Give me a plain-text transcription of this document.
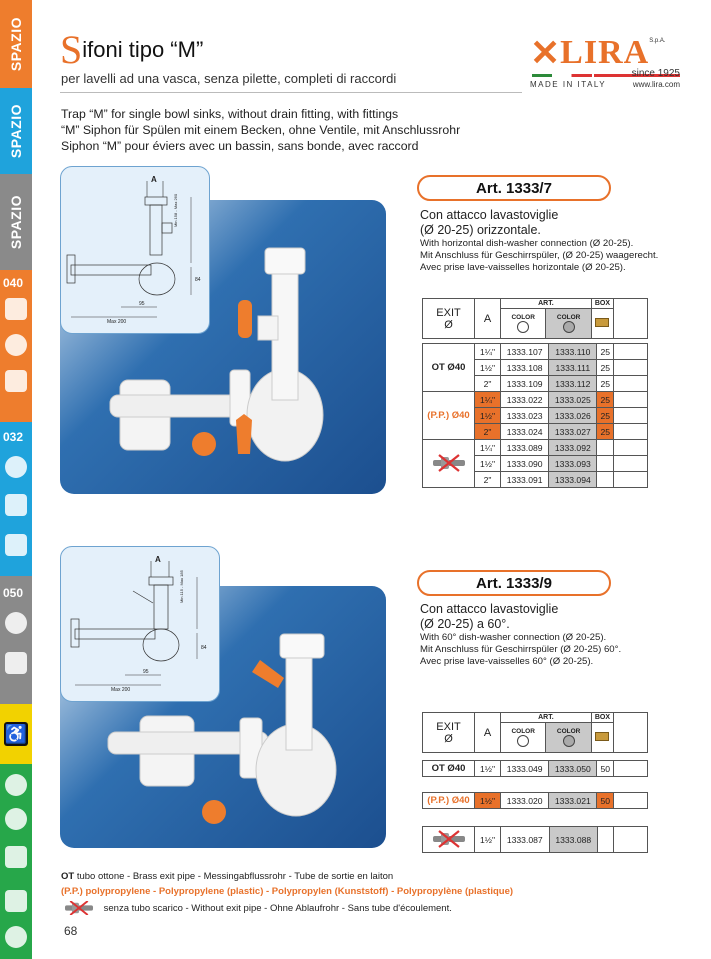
SPAZIO
SPAZIO
SPAZIO
040
032
050
♿
Sifoni tipo “M”
per lavelli ad una vasca, senza pilette, completi di raccordi
✕ LIRA S.p.A.
since 1925
MADE IN ITALY	www.lira.com
Trap “M” for single bowl sinks, without drain fitting, with fittings
“M” Siphon für Spülen mit einem Becken, ohne Ventile, mit Anschlussrohr
Siphon “M” pour éviers avec un bassin, sans bonde, avec raccord
A
Min 158 - Max 260
84
95
Max 200
Art. 1333/7
Con attacco lavastoviglie
(Ø 20-25) orizzontale.
With horizontal dish-washer connection (Ø 20-25).
Mit Anschluss für Geschirrspüler, (Ø 20-25) waagerecht.
Avec prise lave-vaisselles horizontale (Ø 20-25).
EXIT
Ø	A	ART.		BOX	

		COLOR	COLOR		

OT Ø40	1¼"	1333.107	1333.110	25	
	1½"	1333.108	1333.111	25	
	2"	1333.109	1333.112	25	
(P.P.) Ø40	1¼"	1333.022	1333.025	25	
	1½"	1333.023	1333.026	25	
	2"	1333.024	1333.027	25	
	1¼"	1333.089	1333.092		
	1½"	1333.090	1333.093		
	2"	1333.091	1333.094		
A
Min 115 - Max 185
84
95
Max 200
Art. 1333/9
Con attacco lavastoviglie
(Ø 20-25) a 60°.
With 60° dish-washer connection (Ø 20-25).
Mit Anschluss für Geschirrspüler (Ø 20-25) 60°.
Avec prise lave-vaisselles 60° (Ø 20-25).
EXIT
Ø	A	ART.		BOX	

		COLOR	COLOR		

OT Ø40	1½"	1333.049	1333.050	50	
(P.P.) Ø40	1½"	1333.020	1333.021	50	
	1½"	1333.087	1333.088		
OT tubo ottone - Brass exit pipe - Messingabflussrohr - Tube de sortie en laiton
(P.P.) polypropylene - Polypropylene (plastic) - Polypropylen (Kunststoff) - Polypropylène (plastique)
senza tubo scarico - Without exit pipe - Ohne Ablaufrohr - Sans tube d'écoulement.
68
